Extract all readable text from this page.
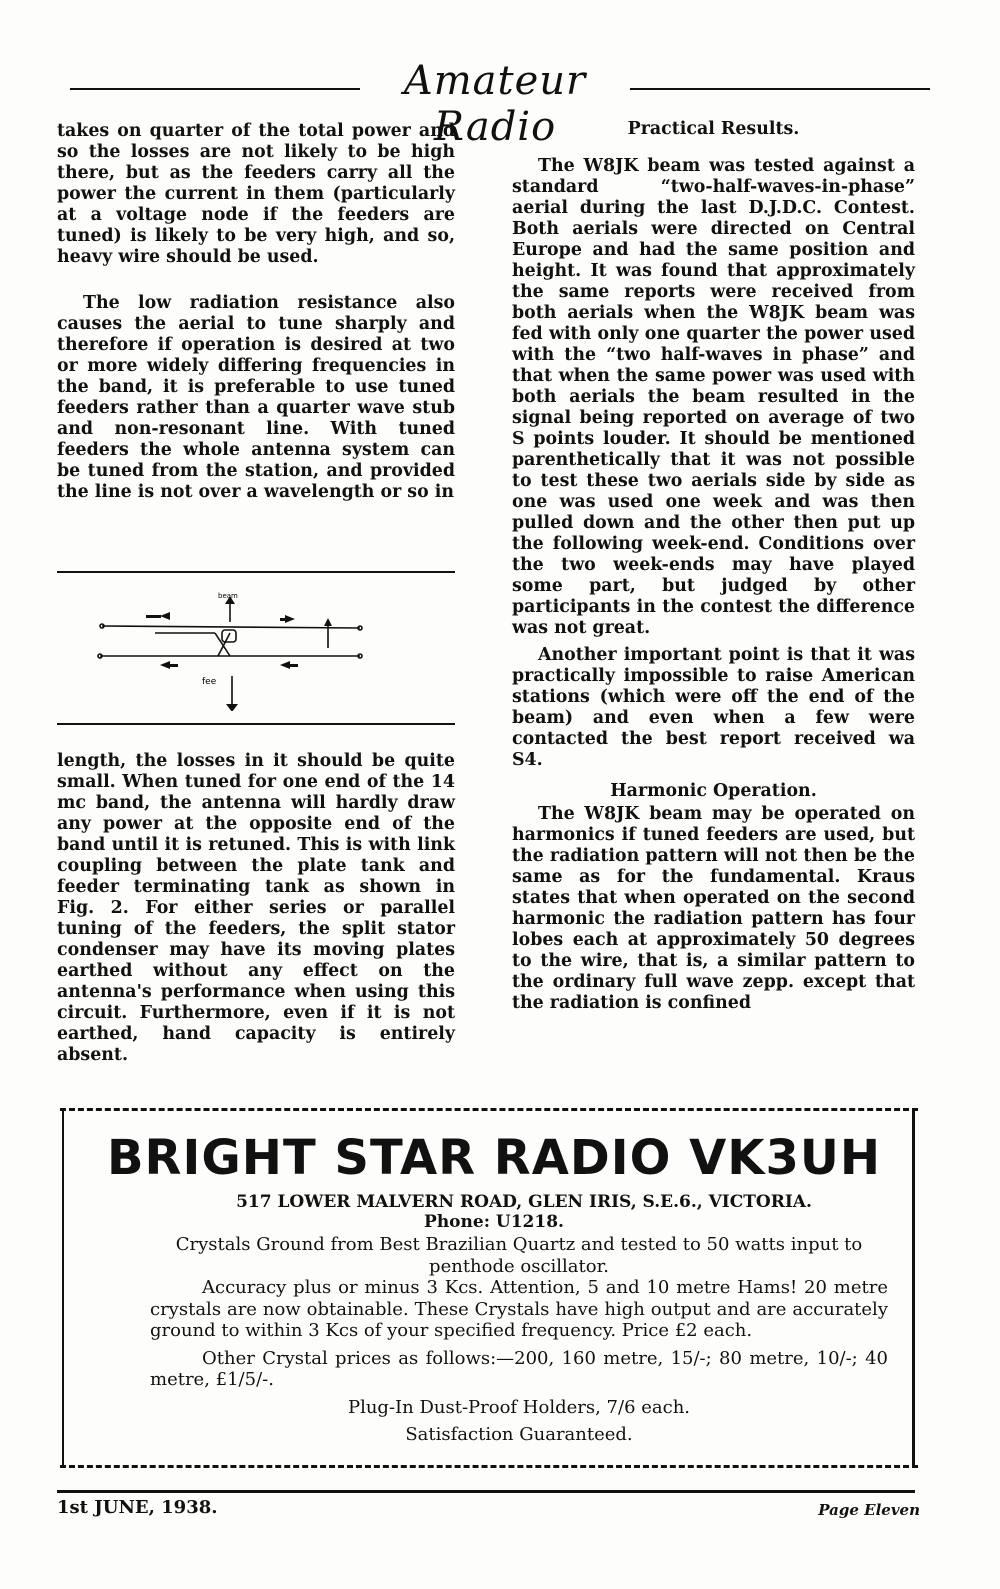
Amateur Radio

takes on quarter of the total power and so the losses are not likely to be high there, but as the feeders carry all the power the current in them (particularly at a voltage node if the feeders are tuned) is likely to be very high, and so, heavy wire should be used.

The low radiation resistance also causes the aerial to tune sharply and therefore if operation is desired at two or more widely differing frequencies in the band, it is preferable to use tuned feeders rather than a quarter wave stub and non-resonant line. With tuned feeders the whole antenna system can be tuned from the station, and provided the line is not over a wavelength or so in

beam
fee

length, the losses in it should be quite small. When tuned for one end of the 14 mc band, the antenna will hardly draw any power at the opposite end of the band until it is retuned. This is with link coupling between the plate tank and feeder terminating tank as shown in Fig. 2. For either series or parallel tuning of the feeders, the split stator condenser may have its moving plates earthed without any effect on the antenna's performance when using this circuit. Furthermore, even if it is not earthed, hand capacity is entirely absent.

Practical Results.

The W8JK beam was tested against a standard “two-half-waves-in-phase” aerial during the last D.J.D.C. Contest. Both aerials were directed on Central Europe and had the same position and height. It was found that approximately the same reports were received from both aerials when the W8JK beam was fed with only one quarter the power used with the “two half-waves in phase” and that when the same power was used with both aerials the beam resulted in the signal being reported on average of two S points louder. It should be mentioned parenthetically that it was not possible to test these two aerials side by side as one was used one week and was then pulled down and the other then put up the following week-end. Conditions over the two week-ends may have played some part, but judged by other participants in the contest the difference was not great.

Another important point is that it was practically impossible to raise American stations (which were off the end of the beam) and even when a few were contacted the best report received wa S4.

Harmonic Operation.

The W8JK beam may be operated on harmonics if tuned feeders are used, but the radiation pattern will not then be the same as for the fundamental. Kraus states that when operated on the second harmonic the radiation pattern has four lobes each at approximately 50 degrees to the wire, that is, a similar pattern to the ordinary full wave zepp. except that the radiation is confined

BRIGHT STAR RADIO VK3UH
517 LOWER MALVERN ROAD, GLEN IRIS, S.E.6., VICTORIA.
Phone: U1218.

Crystals Ground from Best Brazilian Quartz and tested to 50 watts input to penthode oscillator.

Accuracy plus or minus 3 Kcs. Attention, 5 and 10 metre Hams! 20 metre crystals are now obtainable. These Crystals have high output and are accurately ground to within 3 Kcs of your specified frequency. Price £2 each.

Other Crystal prices as follows:—200, 160 metre, 15/-; 80 metre, 10/-; 40 metre, £1/5/-.

Plug-In Dust-Proof Holders, 7/6 each.

Satisfaction Guaranteed.

1st JUNE, 1938.	Page Eleven
